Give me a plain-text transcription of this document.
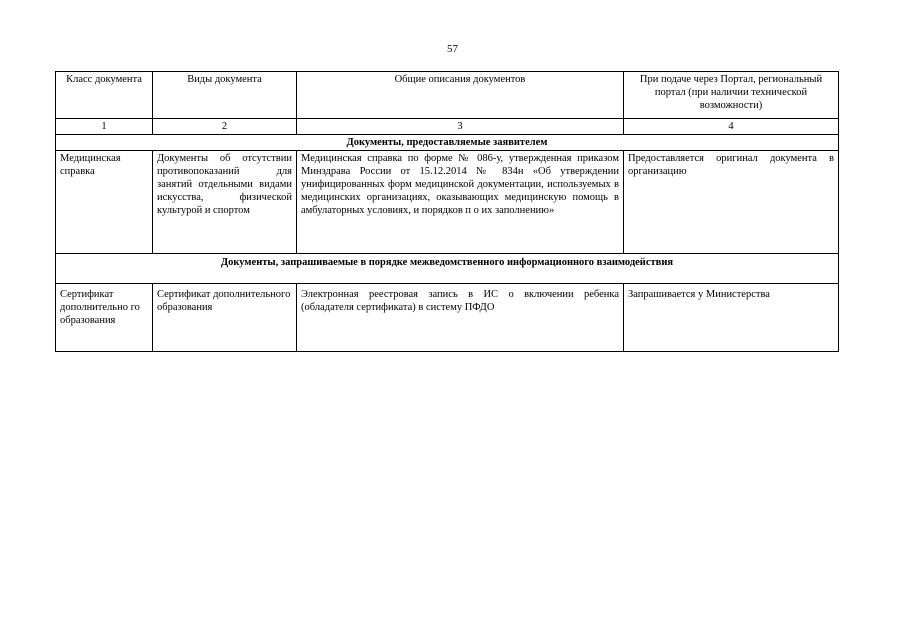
57
Класс документа	Виды документа	Общие описания документов	При подаче через Портал, региональный портал (при наличии технической возможности)
1	2	3	4
Документы, предоставляемые заявителем			
Медицинская справка	Документы об отсутствии противопоказаний для занятий отдельными видами искусства, физической культурой и спортом	Медицинская справка по форме № 086-у, утвержденная приказом Минздрава России от 15.12.2014 № 834н «Об утверждении унифицированных форм медицинской документации, используемых в медицинских организациях, оказывающих медицинскую помощь в амбулаторных условиях, и порядков п о их заполнению»	Предоставляется оригинал документа в организацию
Документы, запрашиваемые в порядке межведомственного информационного взаимодействия			
Сертификат дополнительно го образования	Сертификат дополнительного образования	Электронная реестровая запись в ИС о включении ребенка (обладателя сертификата) в систему ПФДО	Запрашивается у Министерства
